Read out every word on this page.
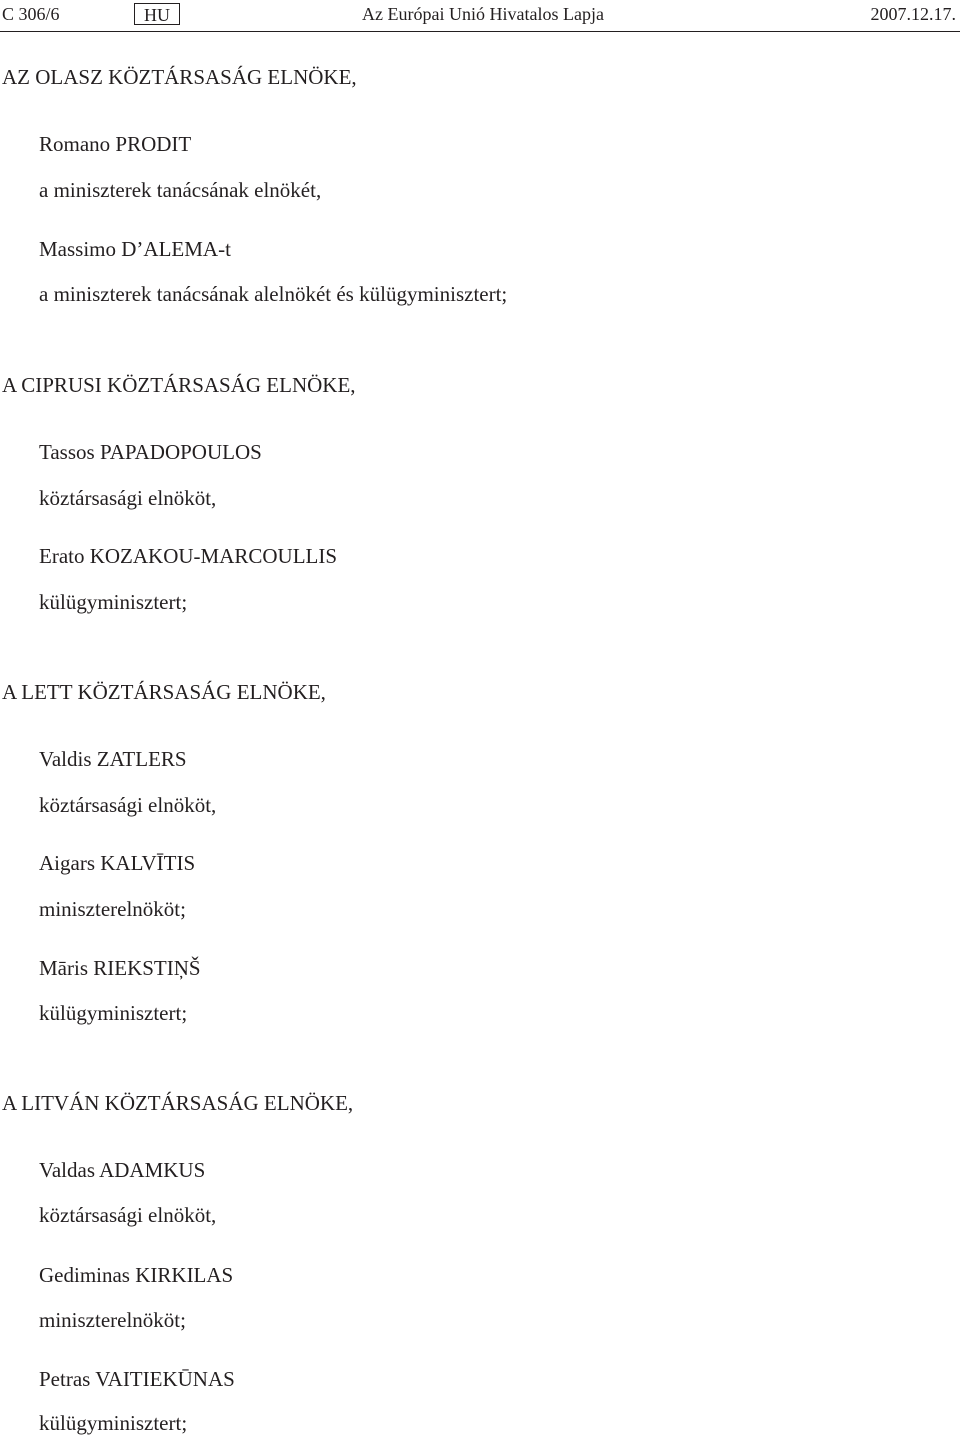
C 306/6	HU	Az Európai Unió Hivatalos Lapja	2007.12.17.
AZ OLASZ KÖZTÁRSASÁG ELNÖKE,
Romano PRODIT
a miniszterek tanácsának elnökét,
Massimo D’ALEMA-t
a miniszterek tanácsának alelnökét és külügyminisztert;
A CIPRUSI KÖZTÁRSASÁG ELNÖKE,
Tassos PAPADOPOULOS
köztársasági elnököt,
Erato KOZAKOU-MARCOULLIS
külügyminisztert;
A LETT KÖZTÁRSASÁG ELNÖKE,
Valdis ZATLERS
köztársasági elnököt,
Aigars KALVĪTIS
miniszterelnököt;
Māris RIEKSTIŅŠ
külügyminisztert;
A LITVÁN KÖZTÁRSASÁG ELNÖKE,
Valdas ADAMKUS
köztársasági elnököt,
Gediminas KIRKILAS
miniszterelnököt;
Petras VAITIEKŪNAS
külügyminisztert;
